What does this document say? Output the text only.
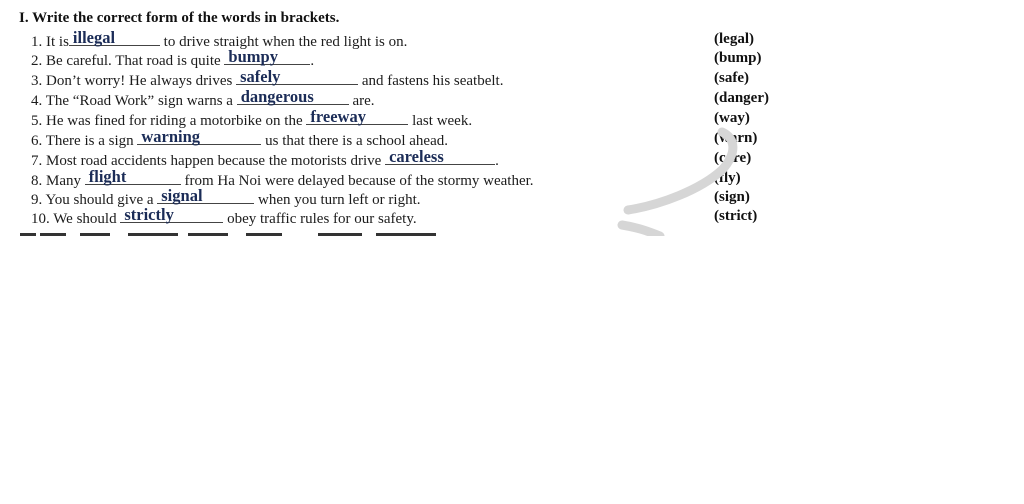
I. Write the correct form of the words in brackets.
1. It is illegal	to drive straight when the red light is on.	(legal)
2. Be careful. That road is quite bumpy .	(bump)
3. Don’t worry! He always drives safely	and fastens his seatbelt.	(safe)
4. The “Road Work” sign warns a dangerous are.	(danger)
5. He was fined for riding a motorbike on the freeway	last week.	(way)
6. There is a sign warning	us that there is a school ahead.	(warn)
7. Most road accidents happen because the motorists drive careless	.	(care)
8. Many flight	from Ha Noi were delayed because of the stormy weather.	(fly)
9. You should give a signal	when you turn left or right.	(sign)
10. We should strictly	obey traffic rules for our safety.	(strict)
